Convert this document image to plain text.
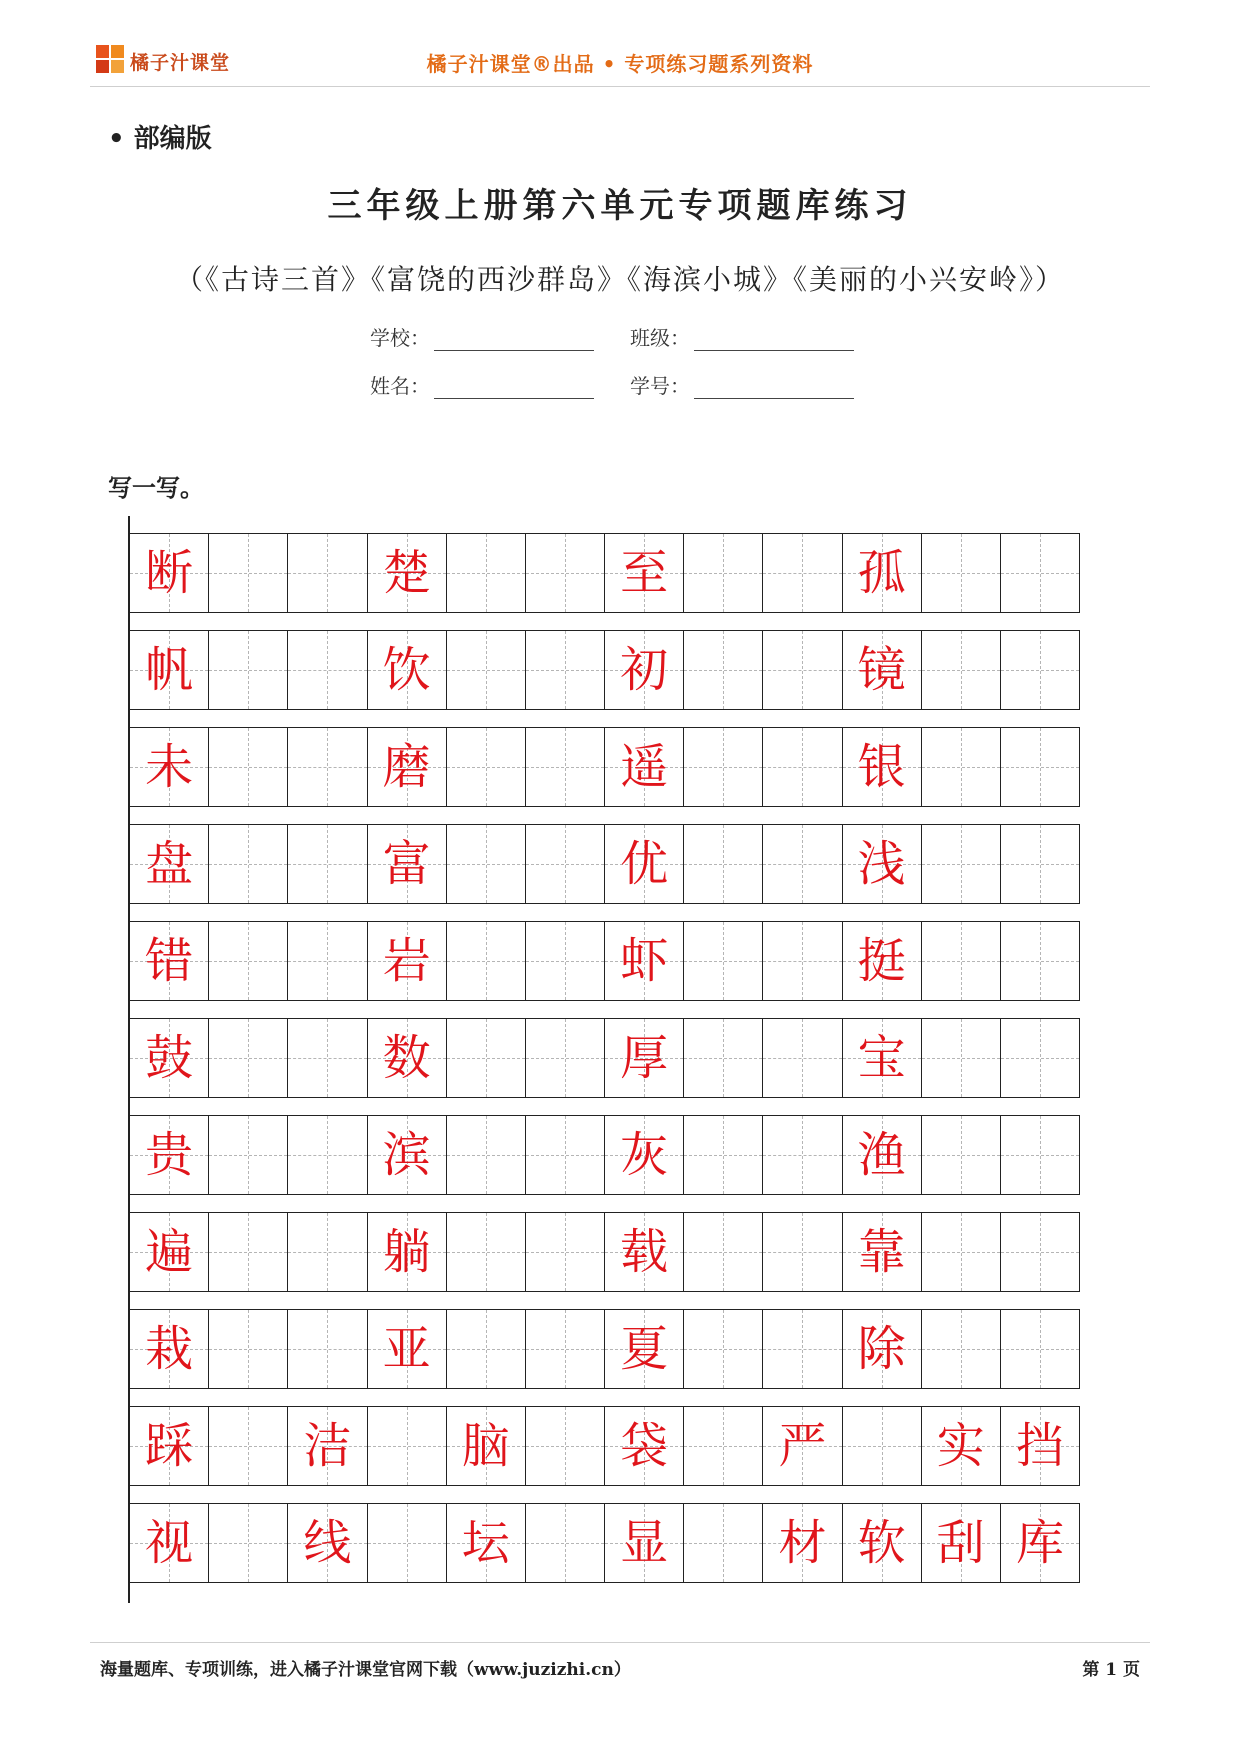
橘子汁课堂	橘子汁课堂®出品 • 专项练习题系列资料
• 部编版
三年级上册第六单元专项题库练习
（《古诗三首》《富饶的西沙群岛》《海滨小城》《美丽的小兴安岭》）
学校：	班级：
姓名：	学号：
写一写。
断	楚	至	孤
帆	饮	初	镜
未	磨	遥	银
盘	富	优	浅
错	岩	虾	挺
鼓	数	厚	宝
贵	滨	灰	渔
遍	躺	载	靠
栽	亚	夏	除
踩	洁	脑	袋	严	实 挡
视	线	坛	显	材 软 刮 库
海量题库、专项训练，进入橘子汁课堂官网下载（www.juzizhi.cn）	第 1 页
